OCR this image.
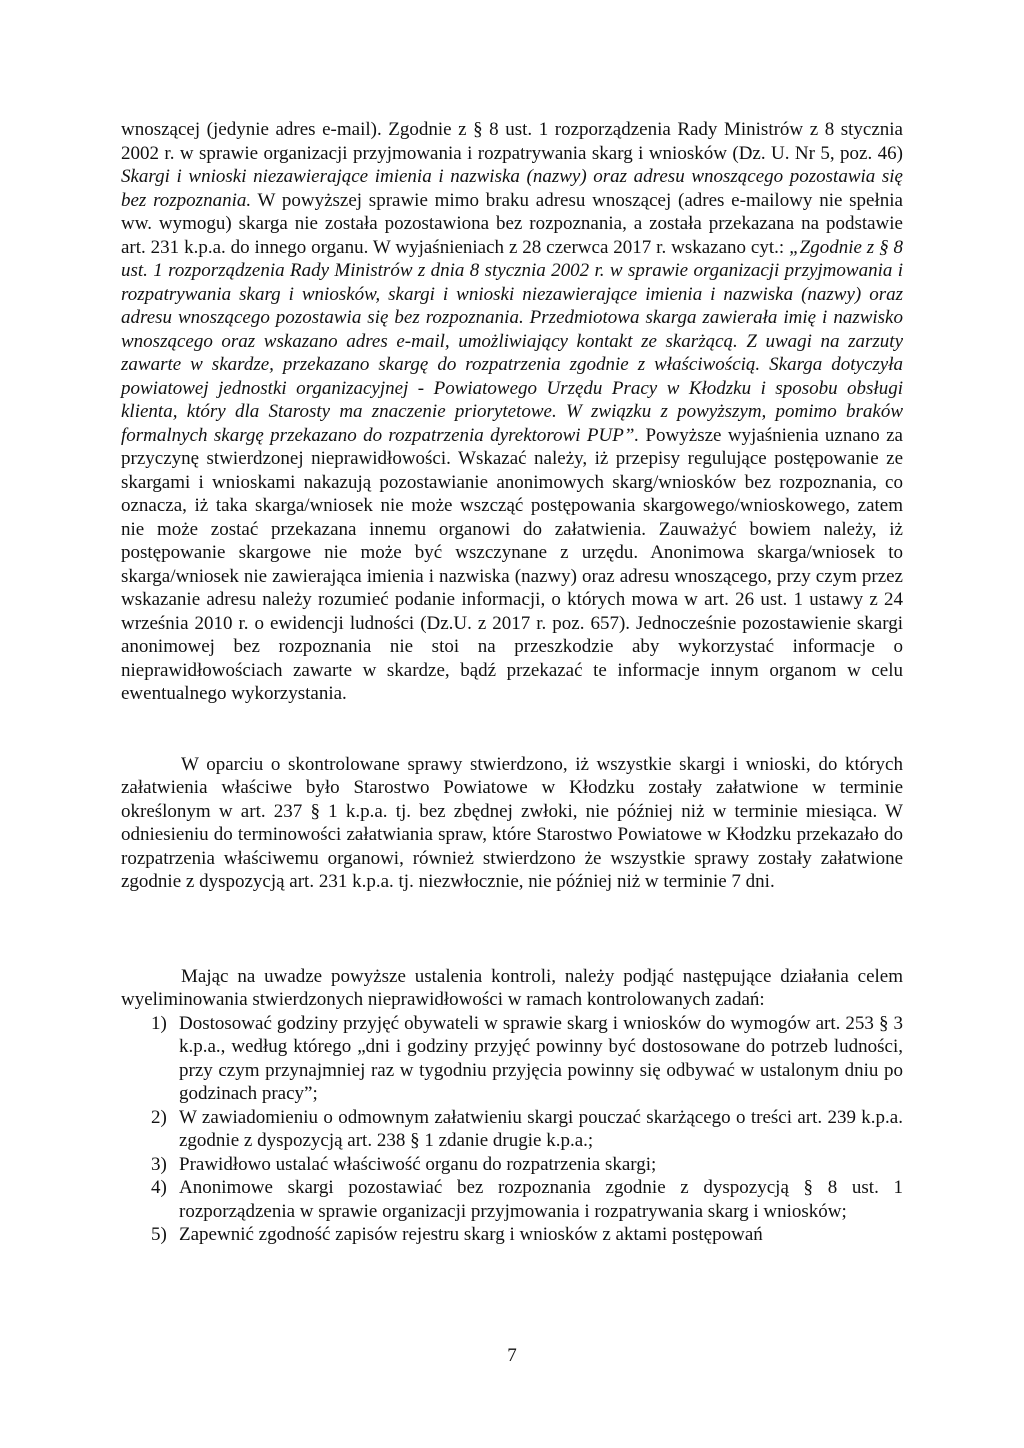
wnoszącej (jedynie adres e-mail). Zgodnie z § 8 ust. 1 rozporządzenia Rady Ministrów z 8 stycznia 2002 r. w sprawie organizacji przyjmowania i rozpatrywania skarg i wniosków (Dz. U. Nr 5, poz. 46) Skargi i wnioski niezawierające imienia i nazwiska (nazwy) oraz adresu wnoszącego pozostawia się bez rozpoznania. W powyższej sprawie mimo braku adresu wnoszącej (adres e-mailowy nie spełnia ww. wymogu) skarga nie została pozostawiona bez rozpoznania, a została przekazana na podstawie art. 231 k.p.a. do innego organu. W wyjaśnieniach z 28 czerwca 2017 r. wskazano cyt.: „Zgodnie z § 8 ust. 1 rozporządzenia Rady Ministrów z dnia 8 stycznia 2002 r. w sprawie organizacji przyjmowania i rozpatrywania skarg i wniosków, skargi i wnioski niezawierające imienia i nazwiska (nazwy) oraz adresu wnoszącego pozostawia się bez rozpoznania. Przedmiotowa skarga zawierała imię i nazwisko wnoszącego oraz wskazano adres e-mail, umożliwiający kontakt ze skarżącą. Z uwagi na zarzuty zawarte w skardze, przekazano skargę do rozpatrzenia zgodnie z właściwością. Skarga dotyczyła powiatowej jednostki organizacyjnej - Powiatowego Urzędu Pracy w Kłodzku i sposobu obsługi klienta, który dla Starosty ma znaczenie priorytetowe. W związku z powyższym, pomimo braków formalnych skargę przekazano do rozpatrzenia dyrektorowi PUP”. Powyższe wyjaśnienia uznano za przyczynę stwierdzonej nieprawidłowości. Wskazać należy, iż przepisy regulujące postępowanie ze skargami i wnioskami nakazują pozostawianie anonimowych skarg/wniosków bez rozpoznania, co oznacza, iż taka skarga/wniosek nie może wszcząć postępowania skargowego/wnioskowego, zatem nie może zostać przekazana innemu organowi do załatwienia. Zauważyć bowiem należy, iż postępowanie skargowe nie może być wszczynane z urzędu. Anonimowa skarga/wniosek to skarga/wniosek nie zawierająca imienia i nazwiska (nazwy) oraz adresu wnoszącego, przy czym przez wskazanie adresu należy rozumieć podanie informacji, o których mowa w art. 26 ust. 1 ustawy z 24 września 2010 r. o ewidencji ludności (Dz.U. z 2017 r. poz. 657). Jednocześnie pozostawienie skargi anonimowej bez rozpoznania nie stoi na przeszkodzie aby wykorzystać informacje o nieprawidłowościach zawarte w skardze, bądź przekazać te informacje innym organom w celu ewentualnego wykorzystania.

W oparciu o skontrolowane sprawy stwierdzono, iż wszystkie skargi i wnioski, do których załatwienia właściwe było Starostwo Powiatowe w Kłodzku zostały załatwione w terminie określonym w art. 237 § 1 k.p.a. tj. bez zbędnej zwłoki, nie później niż w terminie miesiąca. W odniesieniu do terminowości załatwiania spraw, które Starostwo Powiatowe w Kłodzku przekazało do rozpatrzenia właściwemu organowi, również stwierdzono że wszystkie sprawy zostały załatwione zgodnie z dyspozycją art. 231 k.p.a. tj. niezwłocznie, nie później niż w terminie 7 dni.

Mając na uwadze powyższe ustalenia kontroli, należy podjąć następujące działania celem wyeliminowania stwierdzonych nieprawidłowości w ramach kontrolowanych zadań:

1) Dostosować godziny przyjęć obywateli w sprawie skarg i wniosków do wymogów art. 253 § 3 k.p.a., według którego „dni i godziny przyjęć powinny być dostosowane do potrzeb ludności, przy czym przynajmniej raz w tygodniu przyjęcia powinny się odbywać w ustalonym dniu po godzinach pracy”;
2) W zawiadomieniu o odmownym załatwieniu skargi pouczać skarżącego o treści art. 239 k.p.a. zgodnie z dyspozycją art. 238 § 1 zdanie drugie k.p.a.;
3) Prawidłowo ustalać właściwość organu do rozpatrzenia skargi;
4) Anonimowe skargi pozostawiać bez rozpoznania zgodnie z dyspozycją § 8 ust. 1 rozporządzenia w sprawie organizacji przyjmowania i rozpatrywania skarg i wniosków;
5) Zapewnić zgodność zapisów rejestru skarg i wniosków z aktami postępowań
7
